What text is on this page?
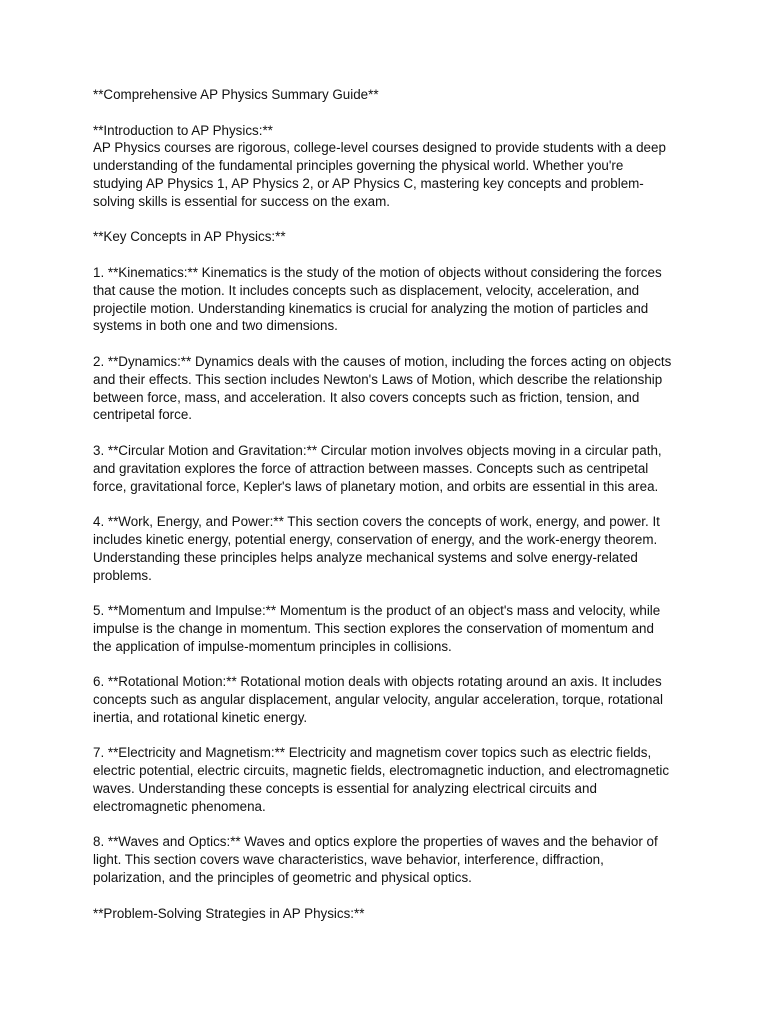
**Comprehensive AP Physics Summary Guide**

**Introduction to AP Physics:**
AP Physics courses are rigorous, college-level courses designed to provide students with a deep understanding of the fundamental principles governing the physical world. Whether you're studying AP Physics 1, AP Physics 2, or AP Physics C, mastering key concepts and problem-solving skills is essential for success on the exam.

**Key Concepts in AP Physics:**

1. **Kinematics:** Kinematics is the study of the motion of objects without considering the forces that cause the motion. It includes concepts such as displacement, velocity, acceleration, and projectile motion. Understanding kinematics is crucial for analyzing the motion of particles and systems in both one and two dimensions.

2. **Dynamics:** Dynamics deals with the causes of motion, including the forces acting on objects and their effects. This section includes Newton's Laws of Motion, which describe the relationship between force, mass, and acceleration. It also covers concepts such as friction, tension, and centripetal force.

3. **Circular Motion and Gravitation:** Circular motion involves objects moving in a circular path, and gravitation explores the force of attraction between masses. Concepts such as centripetal force, gravitational force, Kepler's laws of planetary motion, and orbits are essential in this area.

4. **Work, Energy, and Power:** This section covers the concepts of work, energy, and power. It includes kinetic energy, potential energy, conservation of energy, and the work-energy theorem. Understanding these principles helps analyze mechanical systems and solve energy-related problems.

5. **Momentum and Impulse:** Momentum is the product of an object's mass and velocity, while impulse is the change in momentum. This section explores the conservation of momentum and the application of impulse-momentum principles in collisions.

6. **Rotational Motion:** Rotational motion deals with objects rotating around an axis. It includes concepts such as angular displacement, angular velocity, angular acceleration, torque, rotational inertia, and rotational kinetic energy.

7. **Electricity and Magnetism:** Electricity and magnetism cover topics such as electric fields, electric potential, electric circuits, magnetic fields, electromagnetic induction, and electromagnetic waves. Understanding these concepts is essential for analyzing electrical circuits and electromagnetic phenomena.

8. **Waves and Optics:** Waves and optics explore the properties of waves and the behavior of light. This section covers wave characteristics, wave behavior, interference, diffraction, polarization, and the principles of geometric and physical optics.

**Problem-Solving Strategies in AP Physics:**
